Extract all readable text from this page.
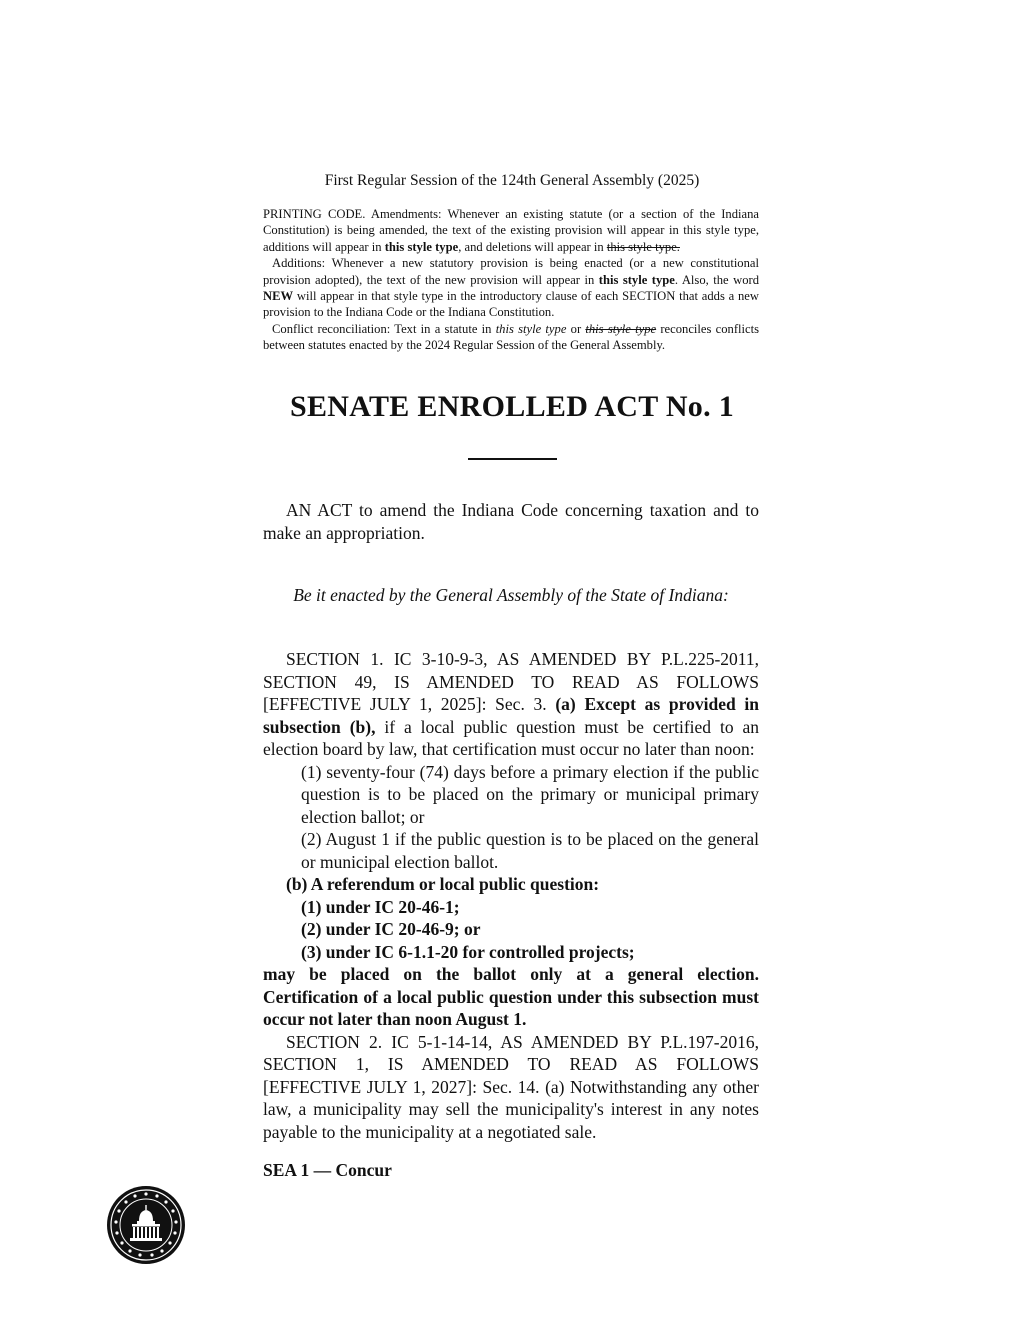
First Regular Session of the 124th General Assembly (2025)

PRINTING CODE. Amendments: Whenever an existing statute (or a section of the Indiana Constitution) is being amended, the text of the existing provision will appear in this style type, additions will appear in this style type, and deletions will appear in this style type.

Additions: Whenever a new statutory provision is being enacted (or a new constitutional provision adopted), the text of the new provision will appear in this style type. Also, the word NEW will appear in that style type in the introductory clause of each SECTION that adds a new provision to the Indiana Code or the Indiana Constitution.

Conflict reconciliation: Text in a statute in this style type or this style type reconciles conflicts between statutes enacted by the 2024 Regular Session of the General Assembly.

SENATE ENROLLED ACT No. 1

AN ACT to amend the Indiana Code concerning taxation and to make an appropriation.

Be it enacted by the General Assembly of the State of Indiana:

SECTION 1. IC 3-10-9-3, AS AMENDED BY P.L.225-2011, SECTION 49, IS AMENDED TO READ AS FOLLOWS [EFFECTIVE JULY 1, 2025]: Sec. 3. (a) Except as provided in subsection (b), if a local public question must be certified to an election board by law, that certification must occur no later than noon:

(1) seventy-four (74) days before a primary election if the public question is to be placed on the primary or municipal primary election ballot; or

(2) August 1 if the public question is to be placed on the general or municipal election ballot.

(b) A referendum or local public question:

(1) under IC 20-46-1;

(2) under IC 20-46-9; or

(3) under IC 6-1.1-20 for controlled projects;

may be placed on the ballot only at a general election. Certification of a local public question under this subsection must occur not later than noon August 1.

SECTION 2. IC 5-1-14-14, AS AMENDED BY P.L.197-2016, SECTION 1, IS AMENDED TO READ AS FOLLOWS [EFFECTIVE JULY 1, 2027]: Sec. 14. (a) Notwithstanding any other law, a municipality may sell the municipality's interest in any notes payable to the municipality at a negotiated sale.

SEA 1 — Concur
